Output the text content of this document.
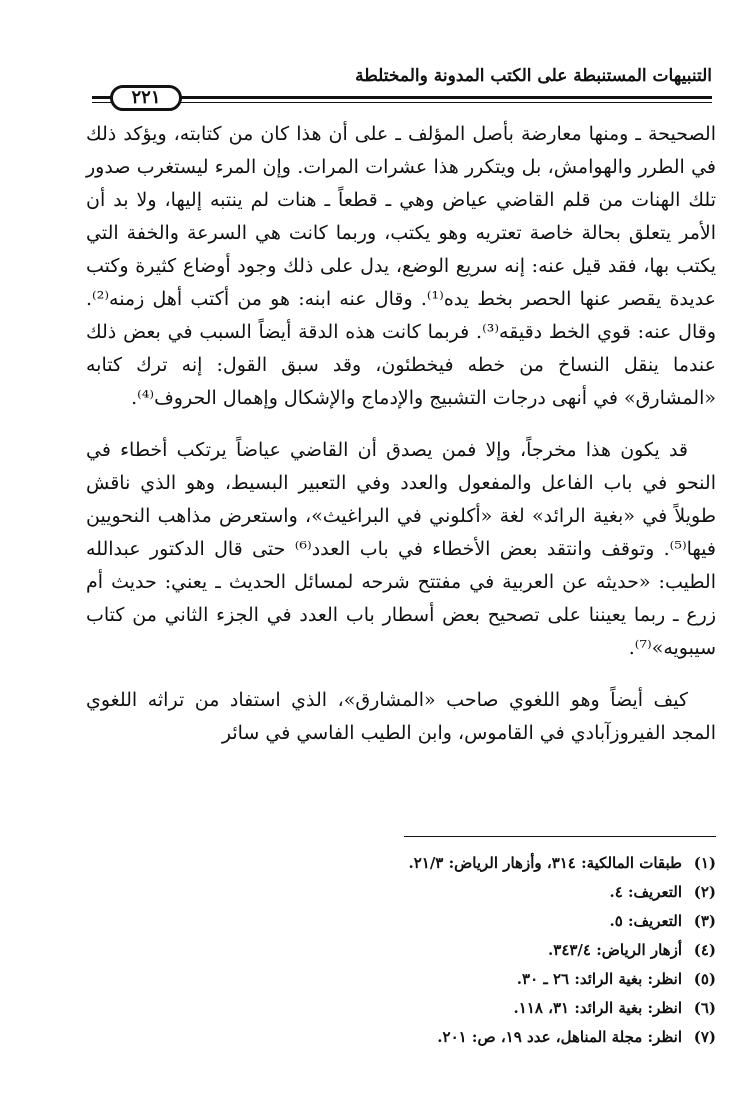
التنبيهات المستنبطة على الكتب المدونة والمختلطة
٢٢١

الصحيحة ـ ومنها معارضة بأصل المؤلف ـ على أن هذا كان من كتابته، ويؤكد ذلك في الطرر والهوامش، بل ويتكرر هذا عشرات المرات. وإن المرء ليستغرب صدور تلك الهنات من قلم القاضي عياض وهي ـ قطعاً ـ هنات لم ينتبه إليها، ولا بد أن الأمر يتعلق بحالة خاصة تعتريه وهو يكتب، وربما كانت هي السرعة والخفة التي يكتب بها، فقد قيل عنه: إنه سريع الوضع، يدل على ذلك وجود أوضاع كثيرة وكتب عديدة يقصر عنها الحصر بخط يده⁽¹⁾. وقال عنه ابنه: هو من أكتب أهل زمنه⁽²⁾. وقال عنه: قوي الخط دقيقه⁽³⁾. فربما كانت هذه الدقة أيضاً السبب في بعض ذلك عندما ينقل النساخ من خطه فيخطئون، وقد سبق القول: إنه ترك كتابه «المشارق» في أنهى درجات التشبيج والإدماج والإشكال وإهمال الحروف⁽⁴⁾.

قد يكون هذا مخرجاً، وإلا فمن يصدق أن القاضي عياضاً يرتكب أخطاء في النحو في باب الفاعل والمفعول والعدد وفي التعبير البسيط، وهو الذي ناقش طويلاً في «بغية الرائد» لغة «أكلوني في البراغيث»، واستعرض مذاهب النحويين فيها⁽⁵⁾. وتوقف وانتقد بعض الأخطاء في باب العدد⁽⁶⁾ حتى قال الدكتور عبدالله الطيب: «حديثه عن العربية في مفتتح شرحه لمسائل الحديث ـ يعني: حديث أم زرع ـ ربما يعيننا على تصحيح بعض أسطار باب العدد في الجزء الثاني من كتاب سيبويه»⁽⁷⁾.

كيف أيضاً وهو اللغوي صاحب «المشارق»، الذي استفاد من تراثه اللغوي المجد الفيروزآبادي في القاموس، وابن الطيب الفاسي في سائر

(١)
طبقات المالكية: ٣١٤، وأزهار الرياض: ٢١/٣.
(٢)
التعريف: ٤.
(٣)
التعريف: ٥.
(٤)
أزهار الرياض: ٣٤٣/٤.
(٥)
انظر: بغية الرائد: ٢٦ ـ ٣٠.
(٦)
انظر: بغية الرائد: ٣١، ١١٨.
(٧)
انظر: مجلة المناهل، عدد ١٩، ص: ٢٠١.
